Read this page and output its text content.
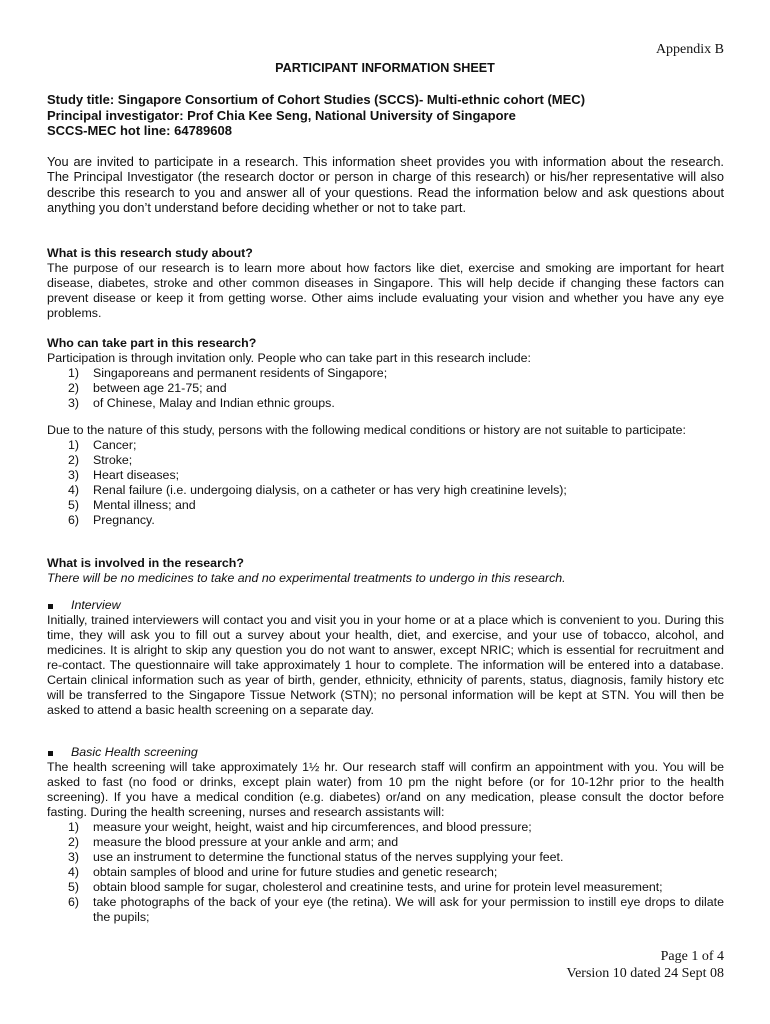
Appendix B
PARTICIPANT INFORMATION SHEET
Study title: Singapore Consortium of Cohort Studies (SCCS)- Multi-ethnic cohort (MEC)
Principal investigator: Prof Chia Kee Seng, National University of Singapore
SCCS-MEC hot line: 64789608
You are invited to participate in a research. This information sheet provides you with information about the research. The Principal Investigator (the research doctor or person in charge of this research) or his/her representative will also describe this research to you and answer all of your questions. Read the information below and ask questions about anything you don’t understand before deciding whether or not to take part.
What is this research study about?
The purpose of our research is to learn more about how factors like diet, exercise and smoking are important for heart disease, diabetes, stroke and other common diseases in Singapore. This will help decide if changing these factors can prevent disease or keep it from getting worse. Other aims include evaluating your vision and whether you have any eye problems.
Who can take part in this research?
Participation is through invitation only. People who can take part in this research include:
1) Singaporeans and permanent residents of Singapore;
2) between age 21-75; and
3) of Chinese, Malay and Indian ethnic groups.
Due to the nature of this study, persons with the following medical conditions or history are not suitable to participate:
1) Cancer;
2) Stroke;
3) Heart diseases;
4) Renal failure (i.e. undergoing dialysis, on a catheter or has very high creatinine levels);
5) Mental illness; and
6) Pregnancy.
What is involved in the research?
There will be no medicines to take and no experimental treatments to undergo in this research.
Interview
Initially, trained interviewers will contact you and visit you in your home or at a place which is convenient to you. During this time, they will ask you to fill out a survey about your health, diet, and exercise, and your use of tobacco, alcohol, and medicines. It is alright to skip any question you do not want to answer, except NRIC; which is essential for recruitment and re-contact. The questionnaire will take approximately 1 hour to complete. The information will be entered into a database. Certain clinical information such as year of birth, gender, ethnicity, ethnicity of parents, status, diagnosis, family history etc will be transferred to the Singapore Tissue Network (STN); no personal information will be kept at STN. You will then be asked to attend a basic health screening on a separate day.
Basic Health screening
The health screening will take approximately 1½ hr. Our research staff will confirm an appointment with you. You will be asked to fast (no food or drinks, except plain water) from 10 pm the night before (or for 10-12hr prior to the health screening). If you have a medical condition (e.g. diabetes) or/and on any medication, please consult the doctor before fasting. During the health screening, nurses and research assistants will:
1) measure your weight, height, waist and hip circumferences, and blood pressure;
2) measure the blood pressure at your ankle and arm; and
3) use an instrument to determine the functional status of the nerves supplying your feet.
4) obtain samples of blood and urine for future studies and genetic research;
5) obtain blood sample for sugar, cholesterol and creatinine tests, and urine for protein level measurement;
6) take photographs of the back of your eye (the retina). We will ask for your permission to instill eye drops to dilate the pupils;
Page 1 of 4
Version 10 dated 24 Sept 08
